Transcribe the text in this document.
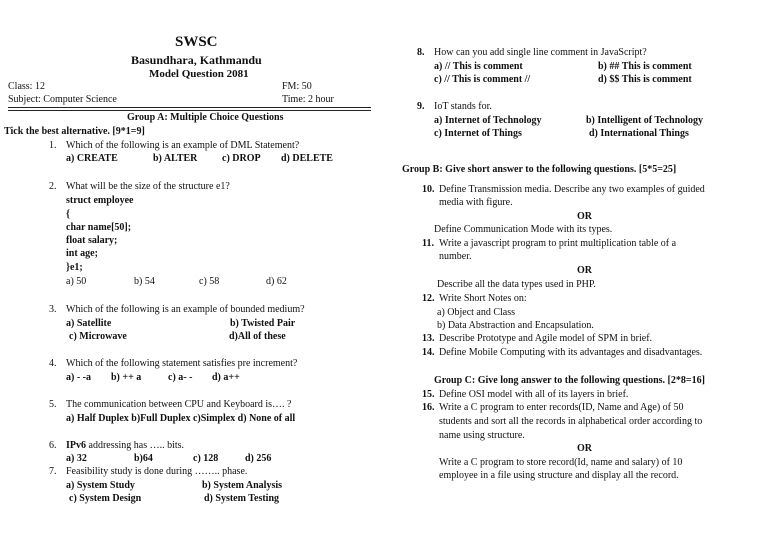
SWSC
Basundhara, Kathmandu
Model Question 2081
Class: 12	FM: 50
Subject: Computer Science	Time: 2 hour
Group A: Multiple Choice Questions
Tick the best alternative. [9*1=9]
1. Which of the following is an example of DML Statement?
a) CREATE	b) ALTER c) DROP d) DELETE
2. What will be the size of the structure e1?
struct employee
{
char name[50];
float salary;
int age;
}e1;
a) 50	b) 54	c) 58	d) 62
3. Which of the following is an example of bounded medium?
a) Satellite	b) Twisted Pair
c) Microwave	d)All of these
4. Which of the following statement satisfies pre increment?
a) - -a b) ++ a	c) a- - d) a++
5. The communication between CPU and Keyboard is…. ?
a) Half Duplex b)Full Duplex c)Simplex d) None of all
6. IPv6 addressing has ….. bits.
a) 32	b)64	c) 128	d) 256
7. Feasibility study is done during …….. phase.
a) System Study	b) System Analysis
c) System Design	d) System Testing
8. How can you add single line comment in JavaScript?
a) // This is comment	b) ## This is comment
c) // This is comment //	d) $$ This is comment
9. IoT stands for.
a) Internet of Technology	b) Intelligent of Technology
c) Internet of Things	d) International Things
Group B: Give short answer to the following questions. [5*5=25]
10. Define Transmission media. Describe any two examples of guided
media with figure.
OR
Define Communication Mode with its types.
11. Write a javascript program to print multiplication table of a
number.
OR
Describe all the data types used in PHP.
12. Write Short Notes on:
a) Object and Class
b) Data Abstraction and Encapsulation.
13. Describe Prototype and Agile model of SPM in brief.
14. Define Mobile Computing with its advantages and disadvantages.
Group C: Give long answer to the following questions. [2*8=16]
15. Define OSI model with all of its layers in brief.
16. Write a C program to enter records(ID, Name and Age) of 50
students and sort all the records in alphabetical order according to
name using structure.
OR
Write a C program to store record(Id, name and salary) of 10
employee in a file using structure and display all the record.
